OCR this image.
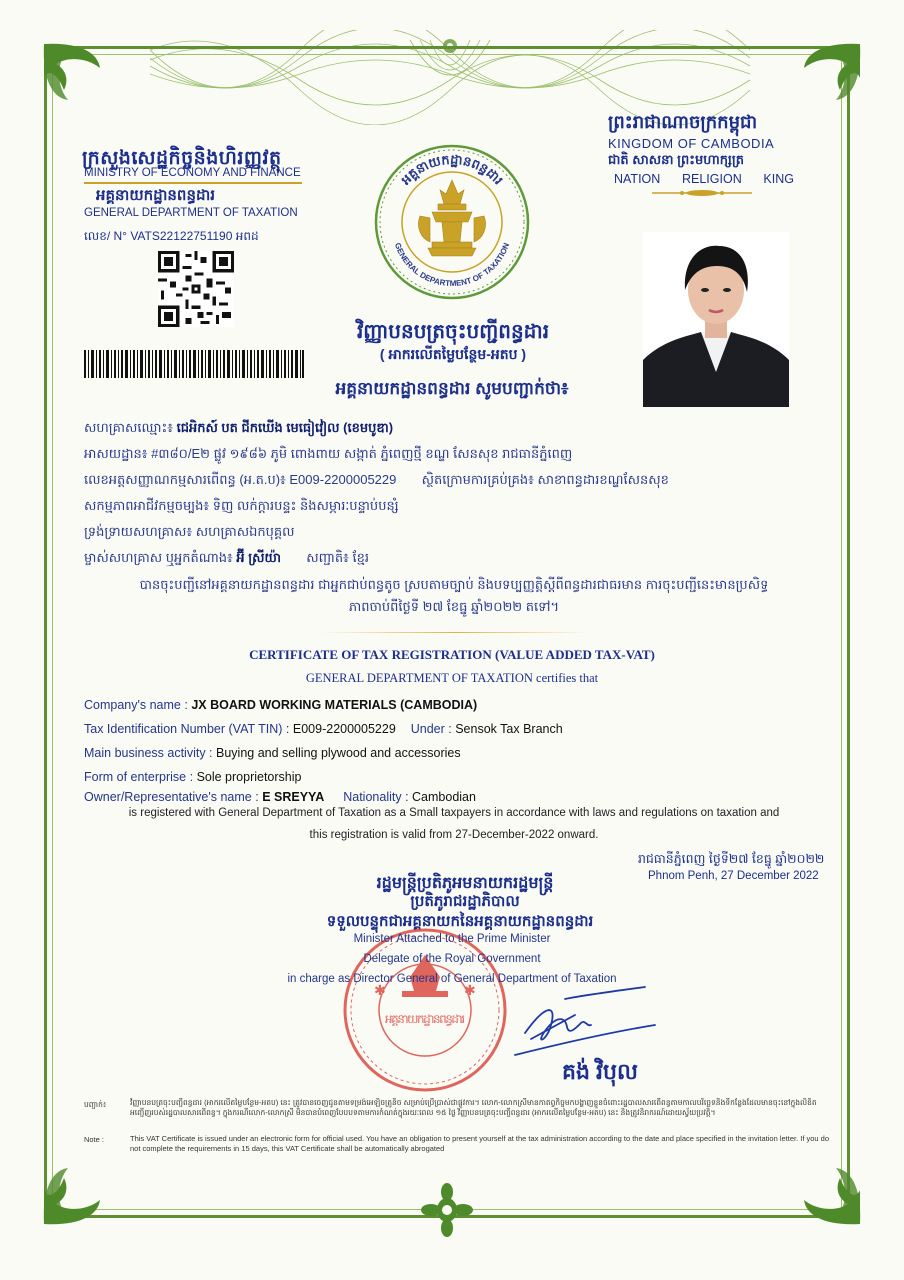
ក្រសួងសេដ្ឋកិច្ចនិងហិរញ្ញវត្ថុ
MINISTRY OF ECONOMY AND FINANCE
អគ្គនាយកដ្ឋានពន្ធដារ
GENERAL DEPARTMENT OF TAXATION
លេខ/ N° VATS22122751190 អពដ
ព្រះរាជាណាចក្រកម្ពុជា
KINGDOM OF CAMBODIA
ជាតិ សាសនា ព្រះមហាក្សត្រ
NATION RELIGION KING
អគ្គនាយកដ្ឋានពន្ធដារ
GENERAL DEPARTMENT OF TAXATION
វិញ្ញាបនបត្រចុះបញ្ជីពន្ធដារ
( អាករលើតម្លៃបន្ថែម-អតប )
អគ្គនាយកដ្ឋានពន្ធដារ សូមបញ្ជាក់ថា៖
សហគ្រាសឈ្មោះ៖ ជេអិកស៍ បត ជីកឃើង មេធៀវៀល (ខេមបូឌា)
អាសយដ្ឋាន៖ #៣៨០/E២ ផ្លូវ ១៩៨៦ ភូមិ ពោងពាយ សង្កាត់ ភ្នំពេញថ្មី ខណ្ឌ សែនសុខ រាជធានីភ្នំពេញ
លេខអត្តសញ្ញាណកម្មសារពើពន្ធ (អ.ត.ប)៖ E009-2200005229 ស្ថិតក្រោមការគ្រប់គ្រង៖ សាខាពន្ធដារខណ្ឌសែនសុខ
សកម្មភាពអាជីវកម្មចម្បង៖ ទិញ លក់ក្តារបន្ទះ និងសម្ភារៈបន្ទាប់បន្សំ
ទ្រង់ទ្រាយសហគ្រាស៖ សហគ្រាសឯកបុគ្គល
ម្ចាស់សហគ្រាស ឬអ្នកតំណាង៖ អ៊ី ស្រីយ៉ា សញ្ជាតិ៖ ខ្មែរ
បានចុះបញ្ជីនៅអគ្គនាយកដ្ឋានពន្ធដារ ជាអ្នកជាប់ពន្ធតូច ស្របតាមច្បាប់ និងបទប្បញ្ញត្តិស្តីពីពន្ធដារជាធរមាន ការចុះបញ្ជីនេះមានប្រសិទ្ធ
ភាពចាប់ពីថ្ងៃទី ២៧ ខែធ្នូ ឆ្នាំ២០២២ តទៅ។
CERTIFICATE OF TAX REGISTRATION (VALUE ADDED TAX-VAT)
GENERAL DEPARTMENT OF TAXATION certifies that
Company's name : JX BOARD WORKING MATERIALS (CAMBODIA)
Tax Identification Number (VAT TIN) : E009-2200005229 Under : Sensok Tax Branch
Main business activity : Buying and selling plywood and accessories
Form of enterprise : Sole proprietorship
Owner/Representative's name : E SREYYA Nationality : Cambodian
is registered with General Department of Taxation as a Small taxpayers in accordance with laws and regulations on taxation and
this registration is valid from 27-December-2022 onward.
រាជធានីភ្នំពេញ ថ្ងៃទី២៧ ខែធ្នូ ឆ្នាំ២០២២
Phnom Penh, 27 December 2022
រដ្ឋមន្ត្រីប្រតិភូអមនាយករដ្ឋមន្ត្រី
ប្រតិភូរាជរដ្ឋាភិបាល
ទទួលបន្ទុកជាអគ្គនាយកនៃអគ្គនាយកដ្ឋានពន្ធដារ
អគ្គនាយកដ្ឋានពន្ធដារ
✱	✱
Minister Attached to the Prime Minister
Delegate of the Royal Government
in charge as Director General of General Department of Taxation
គង់ វិបុល
បញ្ជាក់៖	វិញ្ញាបនបត្រចុះបញ្ជីពន្ធដារ (អាករលើតម្លៃបន្ថែម-អតប) នេះ ត្រូវបានចេញជូនតាមទម្រង់អេឡិចត្រូនិច សម្រាប់ប្រើប្រាស់ជាផ្លូវការ។ លោក-លោកស្រីមានកាតព្វកិច្ចមកបង្ហាញខ្លួនចំពោះរដ្ឋបាលសារពើពន្ធតាមកាលបរិច្ឆេទនិងទីកន្លែងដែលមានចុះនៅក្នុងលិខិតអញ្ជើញរបស់រដ្ឋបាលសារពើពន្ធ។ ក្នុងករណីលោក-លោកស្រី មិនបានបំពេញបែបបទតាមការកំណត់ក្នុងរយៈពេល ១៥ ថ្ងៃ វិញ្ញាបនបត្រចុះបញ្ជីពន្ធដារ (អាករលើតម្លៃបន្ថែម-អតប) នេះ និងត្រូវនិរាករណ៍ដោយស្វ័យប្រវត្តិ។
Note :	This VAT Certificate is issued under an electronic form for official used. You have an obligation to present yourself at the tax administration according to the date and place specified in the invitation letter. If you do not complete the requirements in 15 days, this VAT Certificate shall be automatically abrogated
